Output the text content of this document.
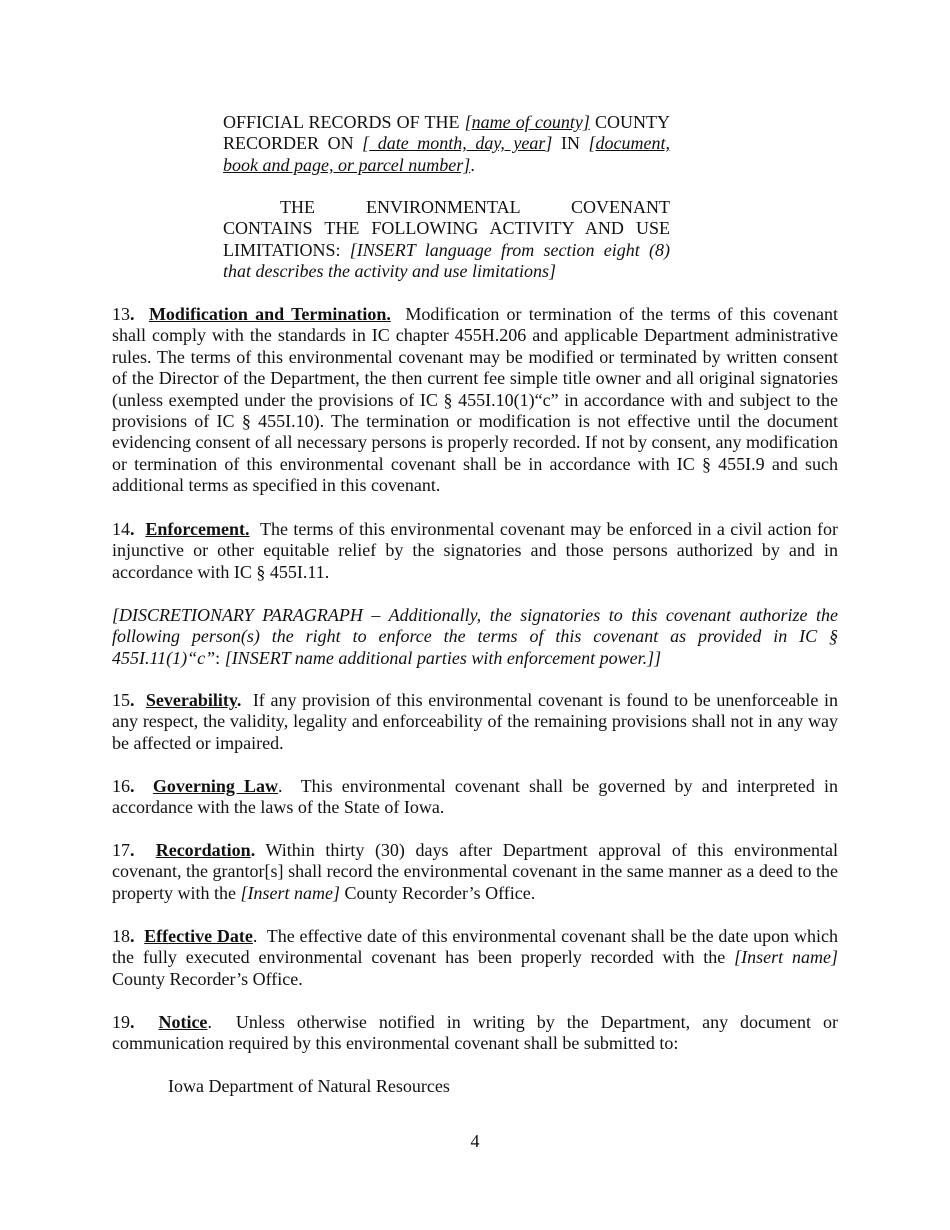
OFFICIAL RECORDS OF THE [name of county] COUNTY RECORDER ON [ date month, day, year] IN [document, book and page, or parcel number].

THE ENVIRONMENTAL COVENANT CONTAINS THE FOLLOWING ACTIVITY AND USE LIMITATIONS: [INSERT language from section eight (8) that describes the activity and use limitations]

13. Modification and Termination. Modification or termination of the terms of this covenant shall comply with the standards in IC chapter 455H.206 and applicable Department administrative rules. The terms of this environmental covenant may be modified or terminated by written consent of the Director of the Department, the then current fee simple title owner and all original signatories (unless exempted under the provisions of IC § 455I.10(1)“c” in accordance with and subject to the provisions of IC § 455I.10). The termination or modification is not effective until the document evidencing consent of all necessary persons is properly recorded. If not by consent, any modification or termination of this environmental covenant shall be in accordance with IC § 455I.9 and such additional terms as specified in this covenant.

14. Enforcement. The terms of this environmental covenant may be enforced in a civil action for injunctive or other equitable relief by the signatories and those persons authorized by and in accordance with IC § 455I.11.

[DISCRETIONARY PARAGRAPH – Additionally, the signatories to this covenant authorize the following person(s) the right to enforce the terms of this covenant as provided in IC § 455I.11(1)“c”: [INSERT name additional parties with enforcement power.]]

15. Severability. If any provision of this environmental covenant is found to be unenforceable in any respect, the validity, legality and enforceability of the remaining provisions shall not in any way be affected or impaired.

16. Governing Law. This environmental covenant shall be governed by and interpreted in accordance with the laws of the State of Iowa.

17. Recordation. Within thirty (30) days after Department approval of this environmental covenant, the grantor[s] shall record the environmental covenant in the same manner as a deed to the property with the [Insert name] County Recorder’s Office.

18. Effective Date. The effective date of this environmental covenant shall be the date upon which the fully executed environmental covenant has been properly recorded with the [Insert name] County Recorder’s Office.

19. Notice. Unless otherwise notified in writing by the Department, any document or communication required by this environmental covenant shall be submitted to:

Iowa Department of Natural Resources
4
